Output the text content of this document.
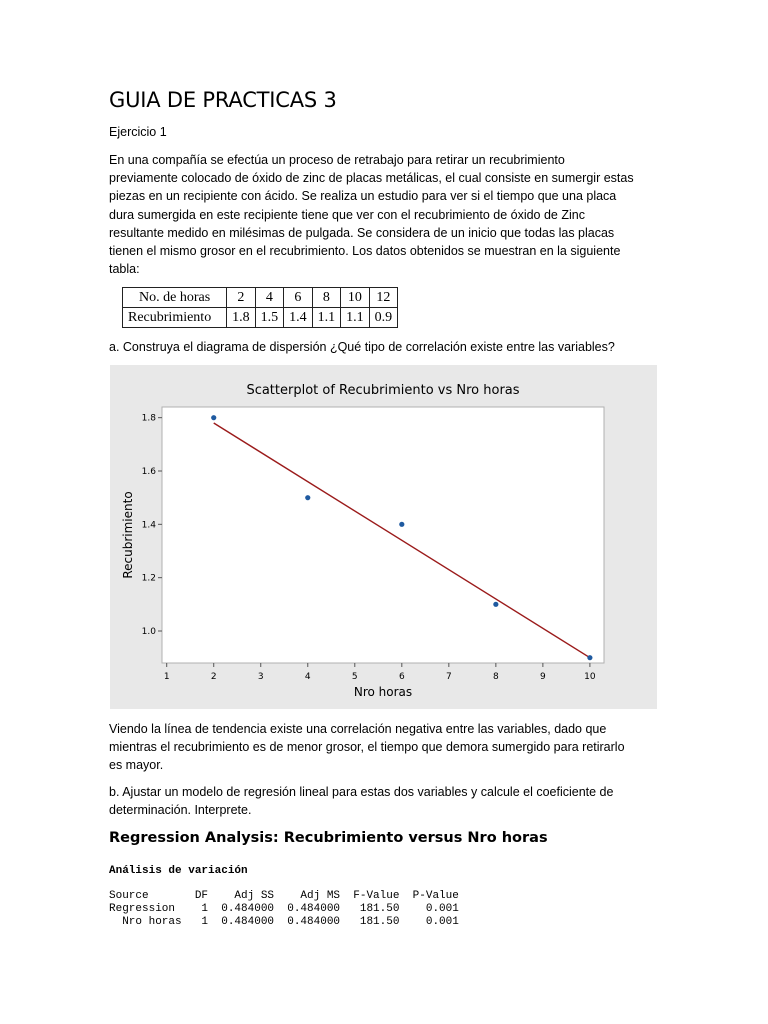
GUIA DE PRACTICAS 3
Ejercicio 1
En una compañía se efectúa un proceso de retrabajo para retirar un recubrimiento
previamente colocado de óxido de zinc de placas metálicas, el cual consiste en sumergir estas
piezas en un recipiente con ácido. Se realiza un estudio para ver si el tiempo que una placa
dura sumergida en este recipiente tiene que ver con el recubrimiento de óxido de Zinc
resultante medido en milésimas de pulgada. Se considera de un inicio que todas las placas
tienen el mismo grosor en el recubrimiento. Los datos obtenidos se muestran en la siguiente
tabla:
No. de horas	2	4	6	8	10	12
Recubrimiento	1.8	1.5	1.4	1.1	1.1	0.9
a. Construya el diagrama de dispersión ¿Qué tipo de correlación existe entre las variables?
Scatterplot of Recubrimiento vs Nro horas
1	2	3	4	5	6	7	8	9	10
1.0
1.2
1.4
1.6
1.8
Nro horas
Recubrimiento
Viendo la línea de tendencia existe una correlación negativa entre las variables, dado que
mientras el recubrimiento es de menor grosor, el tiempo que demora sumergido para retirarlo
es mayor.
b. Ajustar un modelo de regresión lineal para estas dos variables y calcule el coeficiente de
determinación. Interprete.
Regression Analysis: Recubrimiento versus Nro horas
Análisis de variación
Source       DF    Adj SS    Adj MS  F-Value  P-Value
Regression    1  0.484000  0.484000   181.50    0.001
Nro horas   1  0.484000  0.484000   181.50    0.001
